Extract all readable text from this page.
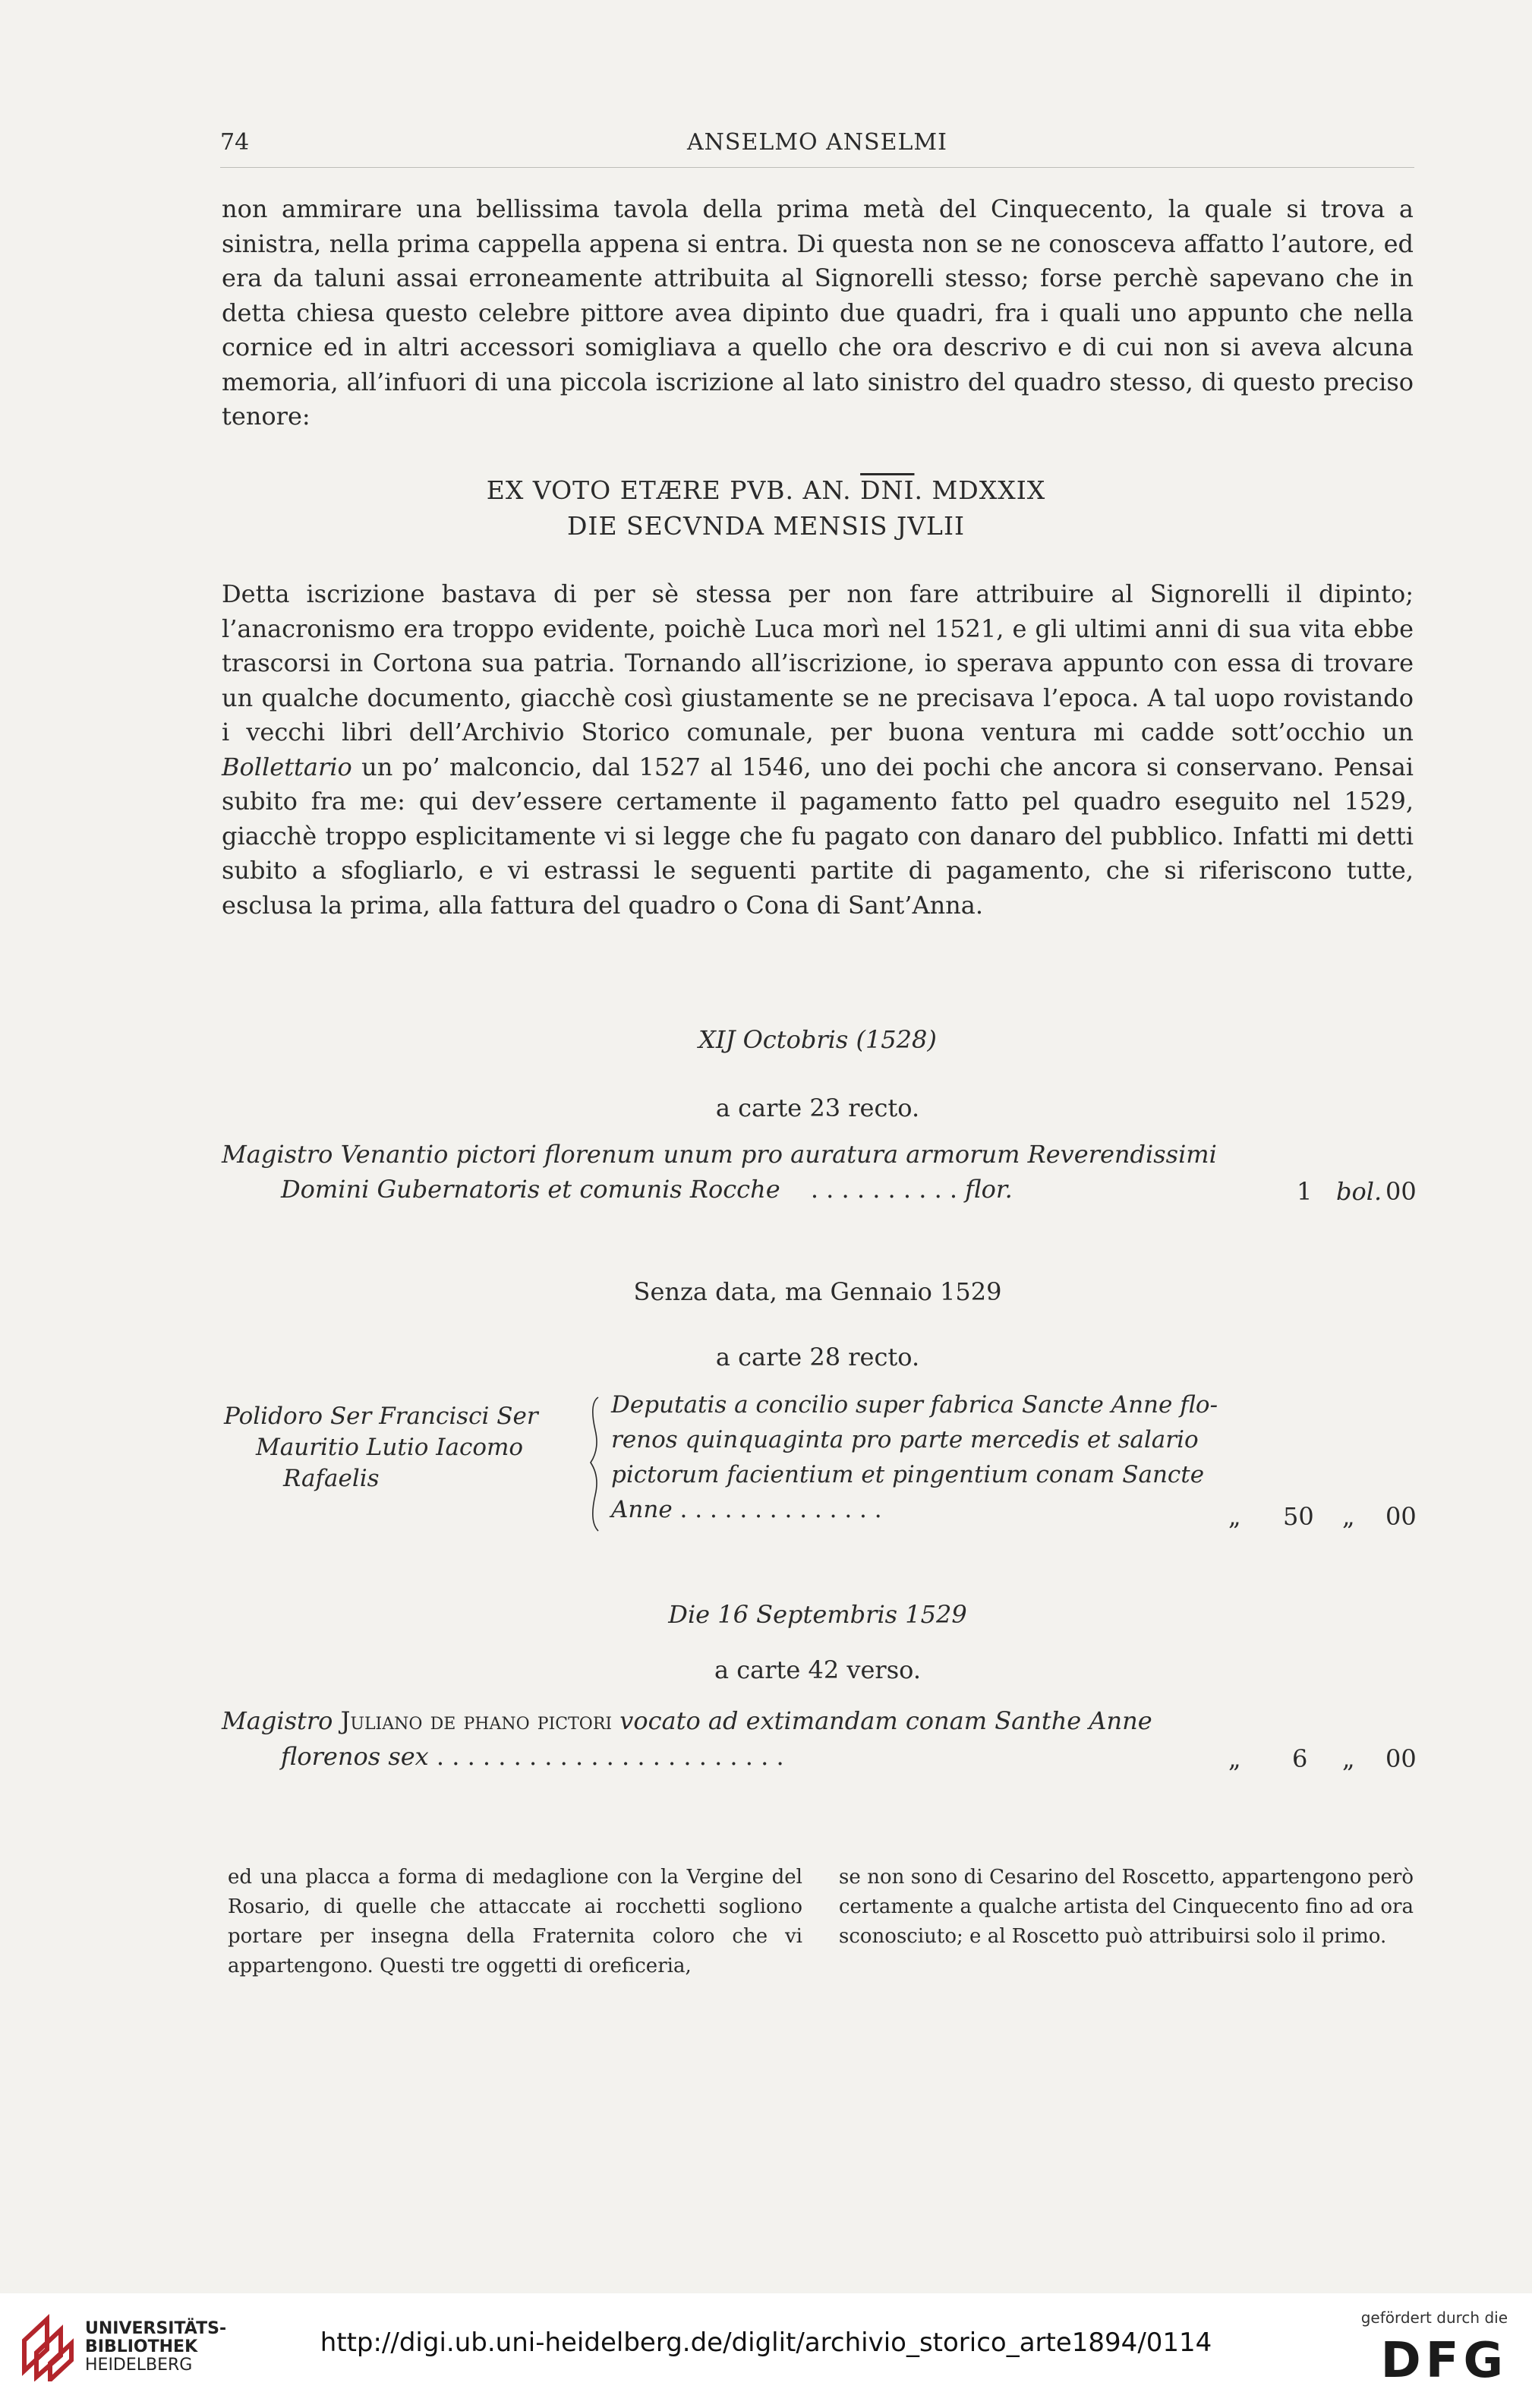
74	ANSELMO ANSELMI

non ammirare una bellissima tavola della prima metà del Cinquecento, la quale si trova a sinistra, nella prima cappella appena si entra. Di questa non se ne conosceva affatto l’autore, ed era da taluni assai erroneamente attribuita al Signorelli stesso; forse perchè sapevano che in detta chiesa questo celebre pittore avea dipinto due quadri, fra i quali uno appunto che nella cornice ed in altri accessori somigliava a quello che ora descrivo e di cui non si aveva alcuna memoria, all’infuori di una piccola iscrizione al lato sinistro del quadro stesso, di questo preciso tenore:

EX VOTO ETÆRE PVB. AN. $\overline{DNI}$. MDXXIX
DIE SECVNDA MENSIS JVLII

Detta iscrizione bastava di per sè stessa per non fare attribuire al Signorelli il dipinto; l’anacronismo era troppo evidente, poichè Luca morì nel 1521, e gli ultimi anni di sua vita ebbe trascorsi in Cortona sua patria. Tornando all’iscrizione, io sperava appunto con essa di trovare un qualche documento, giacchè così giustamente se ne precisava l’epoca. A tal uopo rovistando i vecchi libri dell’Archivio Storico comunale, per buona ventura mi cadde sott’occhio un Bollettario un po’ malconcio, dal 1527 al 1546, uno dei pochi che ancora si conservano. Pensai subito fra me: qui dev’essere certamente il pagamento fatto pel quadro eseguito nel 1529, giacchè troppo esplicitamente vi si legge che fu pagato con danaro del pubblico. Infatti mi detti subito a sfogliarlo, e vi estrassi le seguenti partite di pagamento, che si riferiscono tutte, esclusa la prima, alla fattura del quadro o Cona di Sant’Anna.

XIJ Octobris (1528)
a carte 23 recto.
Magistro Venantio pictori florenum unum pro auratura armorum Reverendissimi
Domini Gubernatoris et comunis Rocche . . . . . . . . . . flor.	1 bol. 00
Senza data, ma Gennaio 1529
a carte 28 recto.
Polidoro Ser Francisci Ser
Mauritio Lutio Iacomo
Rafaelis
Deputatis a concilio super fabrica Sancte Anne flo-
renos quinquaginta pro parte mercedis et salario
pictorum facientium et pingentium conam Sancte
Anne . . . . . . . . . . . . . .	„ 50 „ 00
Die 16 Septembris 1529
a carte 42 verso.
Magistro Juliano de phano pictori vocato ad extimandam conam Santhe Anne
florenos sex . . . . . . . . . . . . . . . . . . . . . . .	„ 6 „ 00
ed una placca a forma di medaglione con la Vergine del Rosario, di quelle che attaccate ai rocchetti sogliono portare per insegna della Fraternita coloro che vi appartengono. Questi tre oggetti di oreficeria,
se non sono di Cesarino del Roscetto, appartengono però certamente a qualche artista del Cinquecento fino ad ora sconosciuto; e al Roscetto può attribuirsi solo il primo.
UNIVERSITÄTS-
BIBLIOTHEK
HEIDELBERG
http://digi.ub.uni-heidelberg.de/diglit/archivio_storico_arte1894/0114
gefördert durch die
DFG
